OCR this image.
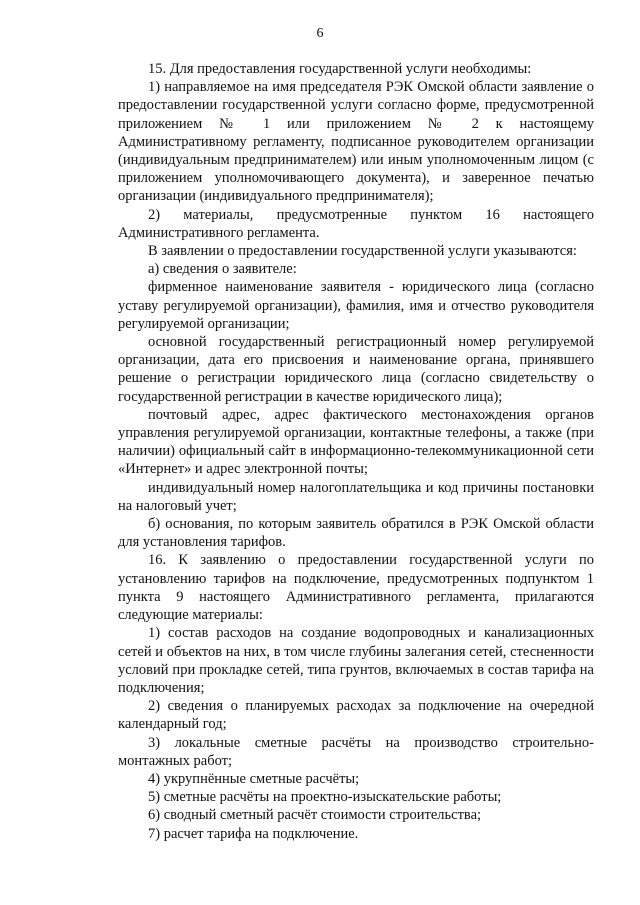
6

15. Для предоставления государственной услуги необходимы:

1) направляемое на имя председателя РЭК Омской области заявление о предоставлении государственной услуги согласно форме, предусмотренной приложением № 1 или приложением № 2 к настоящему Административному регламенту, подписанное руководителем организации (индивидуальным предпринимателем) или иным уполномоченным лицом (с приложением уполномочивающего документа), и заверенное печатью организации (индивидуального предпринимателя);

2) материалы, предусмотренные пунктом 16 настоящего Административного регламента.

В заявлении о предоставлении государственной услуги указываются:

а) сведения о заявителе:

фирменное наименование заявителя - юридического лица (согласно уставу регулируемой организации), фамилия, имя и отчество руководителя регулируемой организации;

основной государственный регистрационный номер регулируемой организации, дата его присвоения и наименование органа, принявшего решение о регистрации юридического лица (согласно свидетельству о государственной регистрации в качестве юридического лица);

почтовый адрес, адрес фактического местонахождения органов управления регулируемой организации, контактные телефоны, а также (при наличии) официальный сайт в информационно-телекоммуникационной сети «Интернет» и адрес электронной почты;

индивидуальный номер налогоплательщика и код причины постановки на налоговый учет;

б) основания, по которым заявитель обратился в РЭК Омской области для установления тарифов.

16. К заявлению о предоставлении государственной услуги по установлению тарифов на подключение, предусмотренных подпунктом 1 пункта 9 настоящего Административного регламента, прилагаются следующие материалы:

1) состав расходов на создание водопроводных и канализационных сетей и объектов на них, в том числе глубины залегания сетей, стесненности условий при прокладке сетей, типа грунтов, включаемых в состав тарифа на подключения;

2) сведения о планируемых расходах за подключение на очередной календарный год;

3) локальные сметные расчёты на производство строительно-монтажных работ;

4) укрупнённые сметные расчёты;

5) сметные расчёты на проектно-изыскательские работы;

6) сводный сметный расчёт стоимости строительства;

7) расчет тарифа на подключение.
